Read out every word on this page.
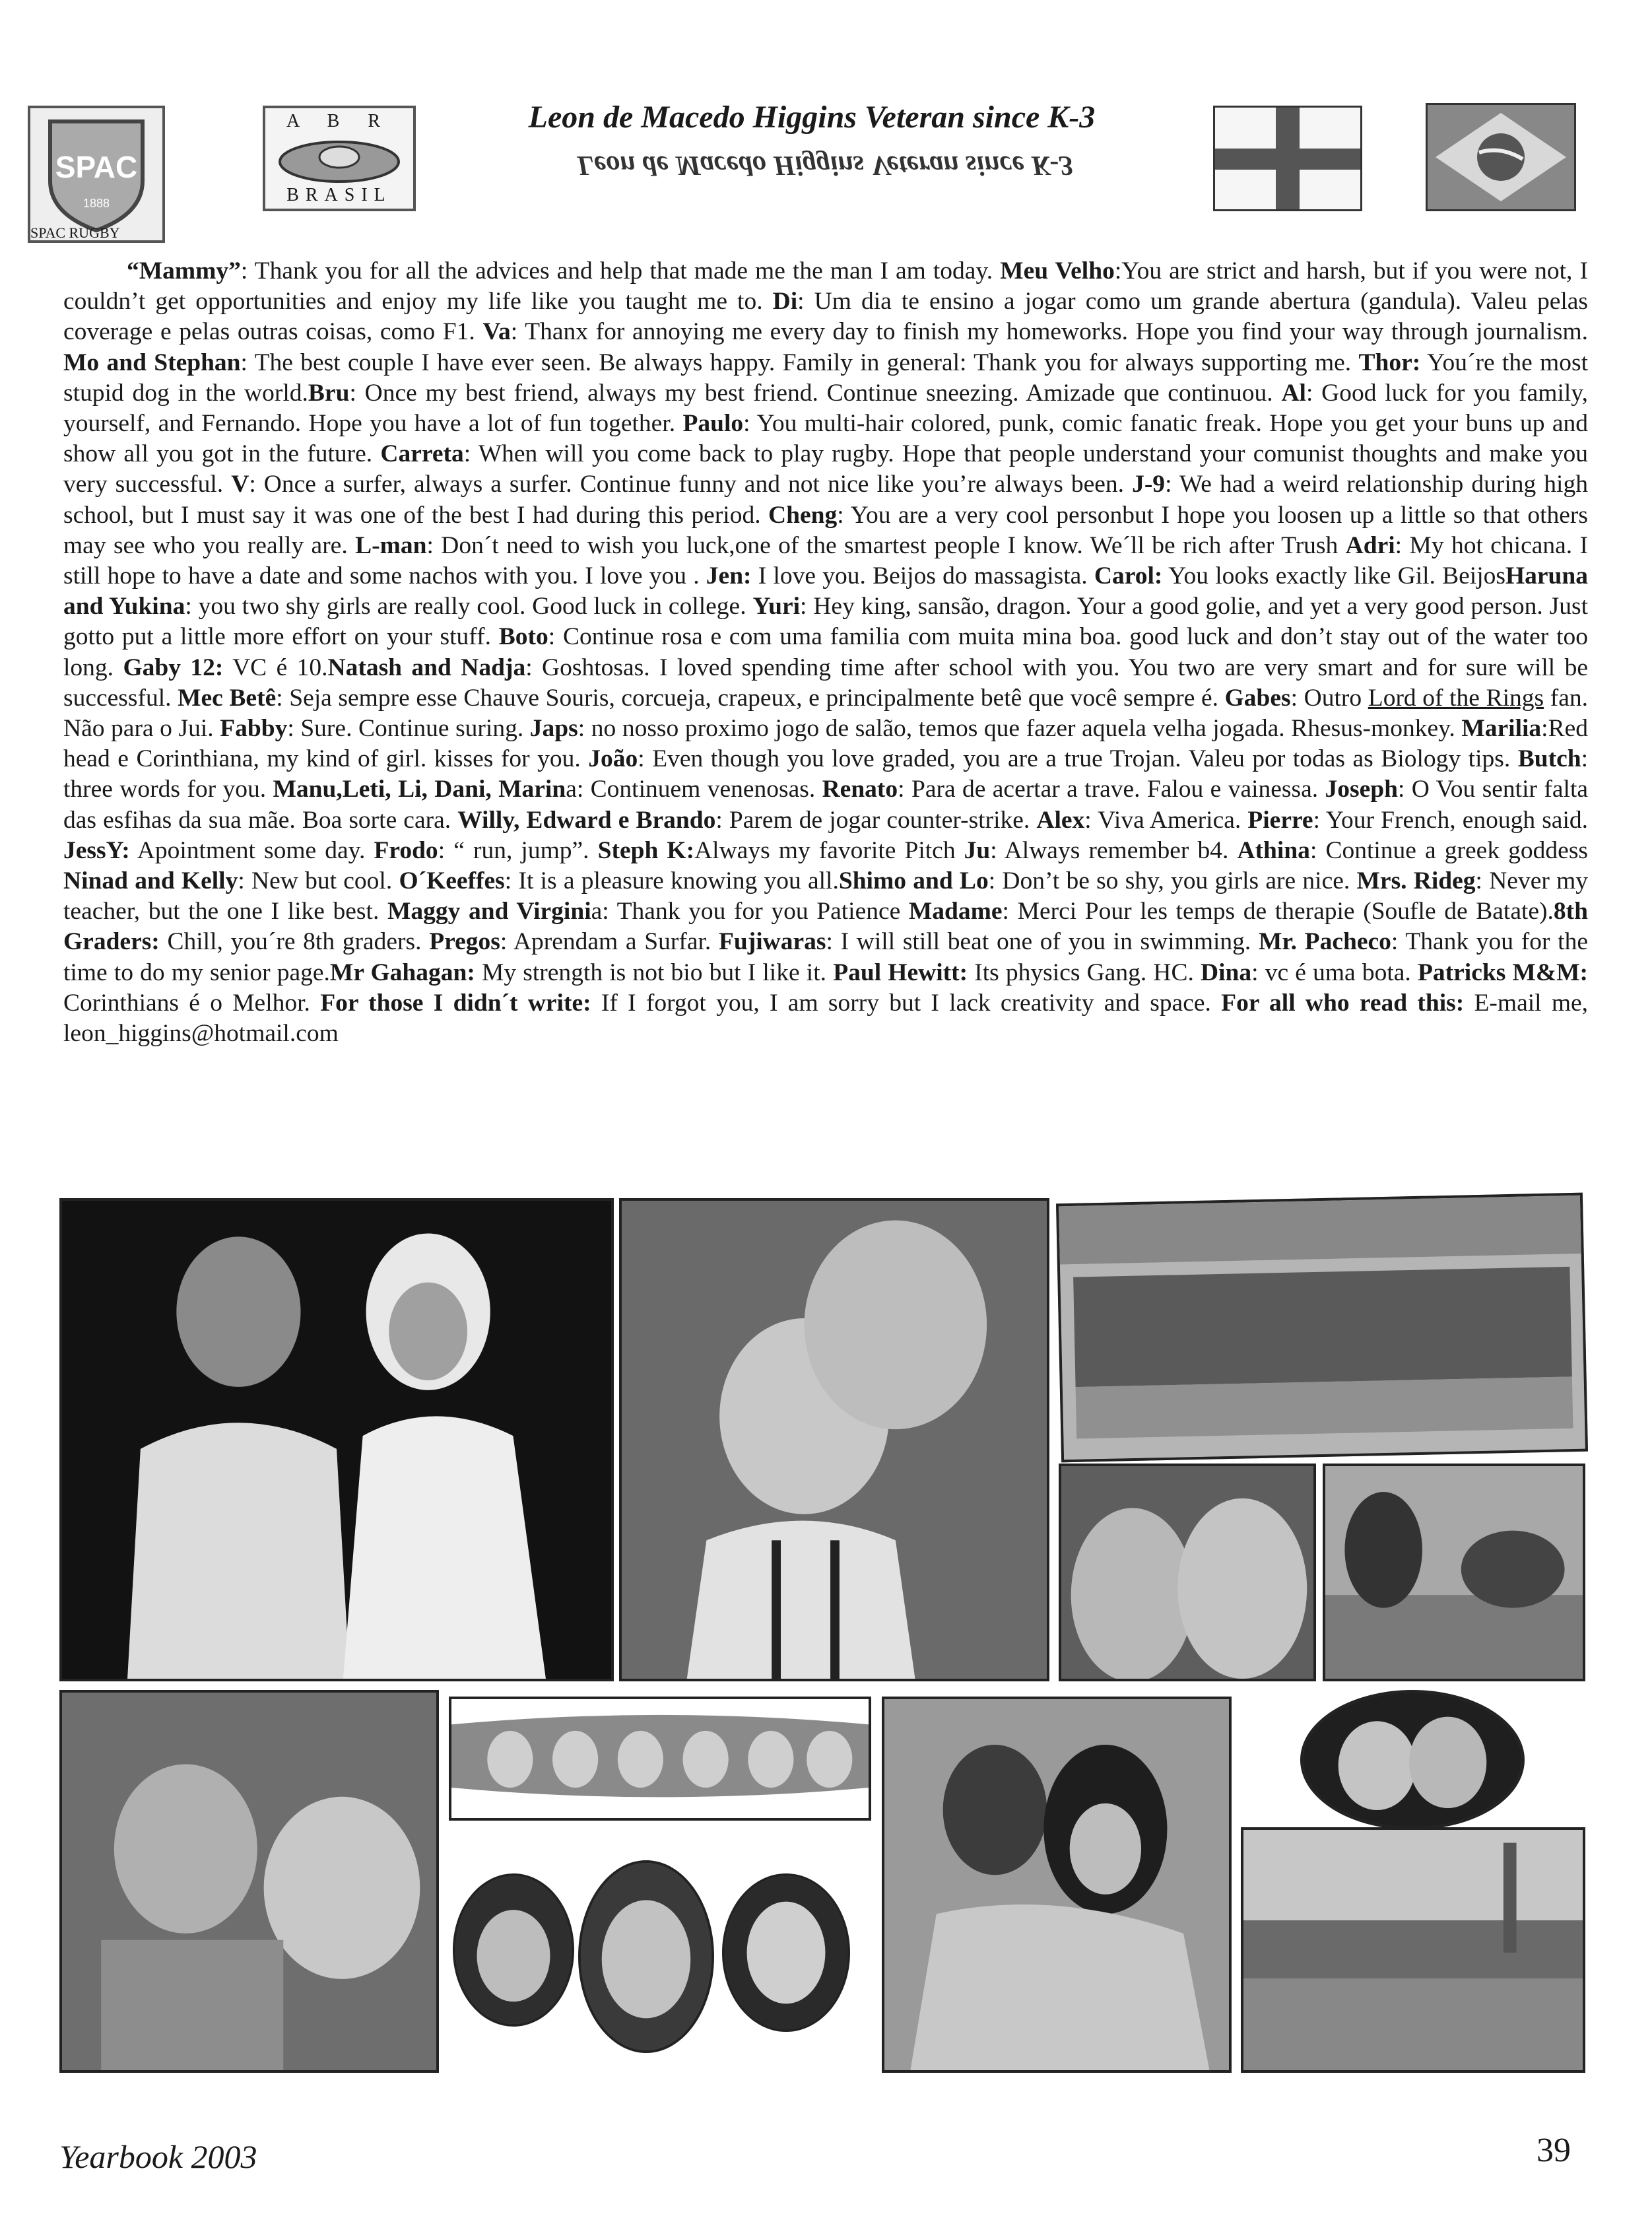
SPAC
1888
SPAC RUGBY
A B R
BRASIL
Leon de Macedo Higgins Veteran since K-3
Leon de Macedo Higgins Veteran since K-3
“Mammy”: Thank you for all the advices and help that made me the man I am today. Meu Velho:You are strict and harsh, but if you were not, I couldn’t get opportunities and enjoy my life like you taught me to. Di: Um dia te ensino a jogar como um grande abertura (gandula). Valeu pelas coverage e pelas outras coisas, como F1. Va: Thanx for annoying me every day to finish my homeworks. Hope you find your way through journalism. Mo and Stephan: The best couple I have ever seen. Be always happy. Family in general: Thank you for always supporting me. Thor: You´re the most stupid dog in the world.Bru: Once my best friend, always my best friend. Continue sneezing. Amizade que continuou. Al: Good luck for you family, yourself, and Fernando. Hope you have a lot of fun together. Paulo: You multi-hair colored, punk, comic fanatic freak. Hope you get your buns up and show all you got in the future. Carreta: When will you come back to play rugby. Hope that people understand your comunist thoughts and make you very successful. V: Once a surfer, always a surfer. Continue funny and not nice like you’re always been. J-9: We had a weird relationship during high school, but I must say it was one of the best I had during this period. Cheng: You are a very cool personbut I hope you loosen up a little so that others may see who you really are. L-man: Don´t need to wish you luck,one of the smartest people I know. We´ll be rich after Trush Adri: My hot chicana. I still hope to have a date and some nachos with you. I love you . Jen: I love you. Beijos do massagista. Carol: You looks exactly like Gil. BeijosHaruna and Yukina: you two shy girls are really cool. Good luck in college. Yuri: Hey king, sansão, dragon. Your a good golie, and yet a very good person. Just gotto put a little more effort on your stuff. Boto: Continue rosa e com uma familia com muita mina boa. good luck and don’t stay out of the water too long. Gaby 12: VC é 10.Natash and Nadja: Goshtosas. I loved spending time after school with you. You two are very smart and for sure will be successful. Mec Betê: Seja sempre esse Chauve Souris, corcueja, crapeux, e principalmente betê que você sempre é. Gabes: Outro Lord of the Rings fan. Não para o Jui. Fabby: Sure. Continue suring. Japs: no nosso proximo jogo de salão, temos que fazer aquela velha jogada. Rhesus-monkey. Marilia:Red head e Corinthiana, my kind of girl. kisses for you. João: Even though you love graded, you are a true Trojan. Valeu por todas as Biology tips. Butch: three words for you. Manu,Leti, Li, Dani, Marina: Continuem venenosas. Renato: Para de acertar a trave. Falou e vainessa. Joseph: O Vou sentir falta das esfihas da sua mãe. Boa sorte cara. Willy, Edward e Brando: Parem de jogar counter-strike. Alex: Viva America. Pierre: Your French, enough said. JessY: Apointment some day. Frodo: “ run, jump”. Steph K:Always my favorite Pitch Ju: Always remember b4. Athina: Continue a greek goddess Ninad and Kelly: New but cool. O´Keeffes: It is a pleasure knowing you all.Shimo and Lo: Don’t be so shy, you girls are nice. Mrs. Rideg: Never my teacher, but the one I like best. Maggy and Virginia: Thank you for you Patience Madame: Merci Pour les temps de therapie (Soufle de Batate).8th Graders: Chill, you´re 8th graders. Pregos: Aprendam a Surfar. Fujiwaras: I will still beat one of you in swimming. Mr. Pacheco: Thank you for the time to do my senior page.Mr Gahagan: My strength is not bio but I like it. Paul Hewitt: Its physics Gang. HC. Dina: vc é uma bota. Patricks M&M: Corinthians é o Melhor. For those I didn´t write: If I forgot you, I am sorry but I lack creativity and space. For all who read this: E-mail me, leon_higgins@hotmail.com
Yearbook 2003	39
